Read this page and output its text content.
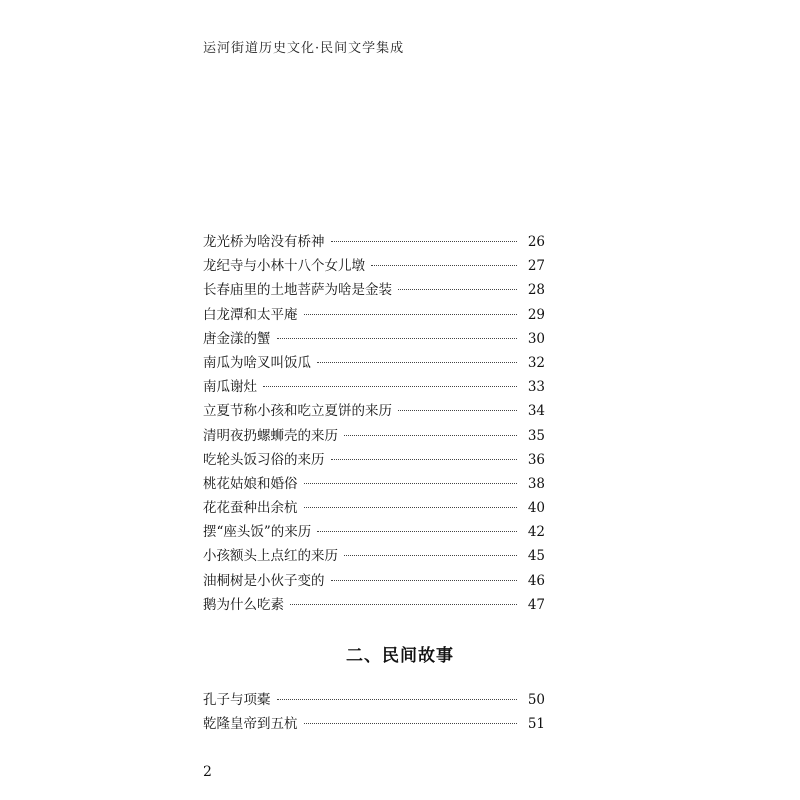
运河街道历史文化·民间文学集成
龙光桥为啥没有桥神	26
龙纪寺与小林十八个女儿墩	27
长春庙里的土地菩萨为啥是金装	28
白龙潭和太平庵	29
唐金漾的蟹	30
南瓜为啥叉叫饭瓜	32
南瓜谢灶	33
立夏节称小孩和吃立夏饼的来历	34
清明夜扔螺蛳壳的来历	35
吃轮头饭习俗的来历	36
桃花姑娘和婚俗	38
花花蚕种出余杭	40
摆“座头饭”的来历	42
小孩额头上点红的来历	45
油桐树是小伙子变的	46
鹅为什么吃素	47
二、民间故事
孔子与项橐	50
乾隆皇帝到五杭	51
2
